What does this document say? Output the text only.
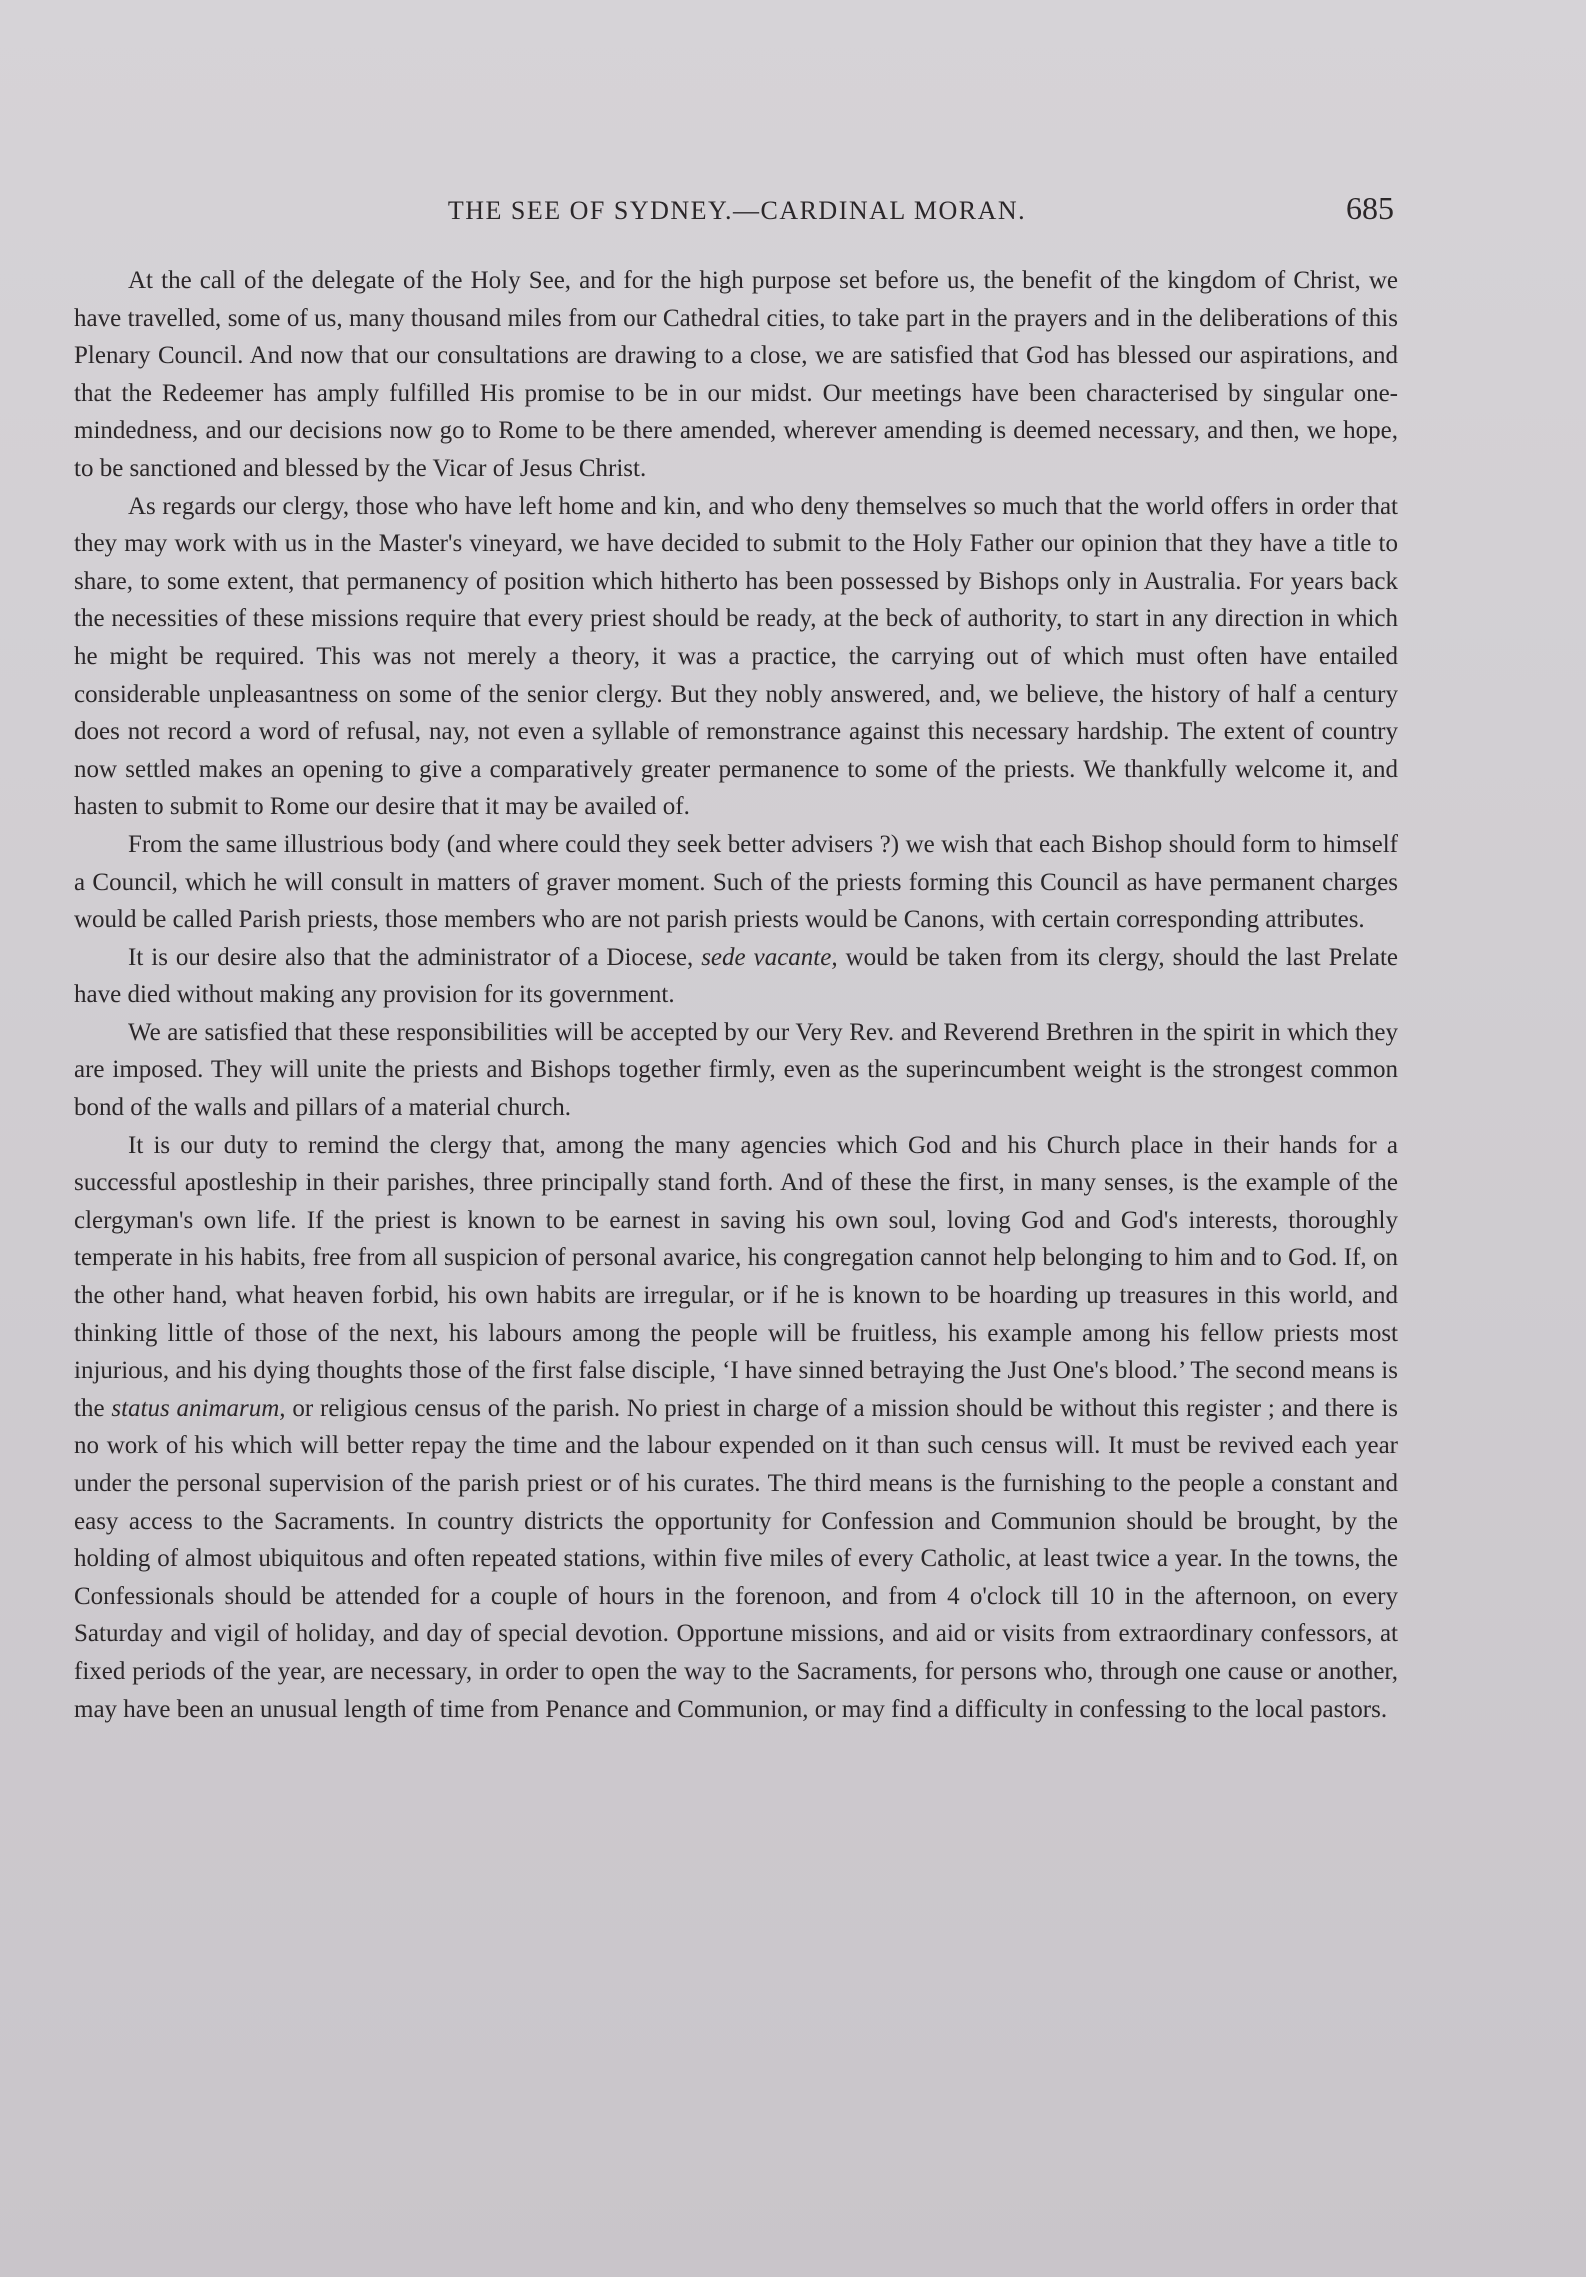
THE SEE OF SYDNEY.—CARDINAL MORAN.	685

At the call of the delegate of the Holy See, and for the high purpose set before us, the benefit of the kingdom of Christ, we have travelled, some of us, many thousand miles from our Cathedral cities, to take part in the prayers and in the deliberations of this Plenary Council. And now that our consultations are drawing to a close, we are satisfied that God has blessed our aspirations, and that the Redeemer has amply fulfilled His promise to be in our midst. Our meetings have been characterised by singular one-mindedness, and our decisions now go to Rome to be there amended, wherever amending is deemed necessary, and then, we hope, to be sanctioned and blessed by the Vicar of Jesus Christ.

As regards our clergy, those who have left home and kin, and who deny themselves so much that the world offers in order that they may work with us in the Master's vineyard, we have decided to submit to the Holy Father our opinion that they have a title to share, to some extent, that permanency of position which hitherto has been possessed by Bishops only in Australia. For years back the necessities of these missions require that every priest should be ready, at the beck of authority, to start in any direction in which he might be required. This was not merely a theory, it was a practice, the carrying out of which must often have entailed considerable unpleasantness on some of the senior clergy. But they nobly answered, and, we believe, the history of half a century does not record a word of refusal, nay, not even a syllable of remonstrance against this necessary hardship. The extent of country now settled makes an opening to give a comparatively greater permanence to some of the priests. We thankfully welcome it, and hasten to submit to Rome our desire that it may be availed of.

From the same illustrious body (and where could they seek better advisers ?) we wish that each Bishop should form to himself a Council, which he will consult in matters of graver moment. Such of the priests forming this Council as have permanent charges would be called Parish priests, those members who are not parish priests would be Canons, with certain corresponding attributes.

It is our desire also that the administrator of a Diocese, sede vacante, would be taken from its clergy, should the last Prelate have died without making any provision for its government.

We are satisfied that these responsibilities will be accepted by our Very Rev. and Reverend Brethren in the spirit in which they are imposed. They will unite the priests and Bishops together firmly, even as the superincumbent weight is the strongest common bond of the walls and pillars of a material church.

It is our duty to remind the clergy that, among the many agencies which God and his Church place in their hands for a successful apostleship in their parishes, three principally stand forth. And of these the first, in many senses, is the example of the clergyman's own life. If the priest is known to be earnest in saving his own soul, loving God and God's interests, thoroughly temperate in his habits, free from all suspicion of personal avarice, his congregation cannot help belonging to him and to God. If, on the other hand, what heaven forbid, his own habits are irregular, or if he is known to be hoarding up treasures in this world, and thinking little of those of the next, his labours among the people will be fruitless, his example among his fellow priests most injurious, and his dying thoughts those of the first false disciple, ‘I have sinned betraying the Just One's blood.’ The second means is the status animarum, or religious census of the parish. No priest in charge of a mission should be without this register ; and there is no work of his which will better repay the time and the labour expended on it than such census will. It must be revived each year under the personal supervision of the parish priest or of his curates. The third means is the furnishing to the people a constant and easy access to the Sacraments. In country districts the opportunity for Confession and Communion should be brought, by the holding of almost ubiquitous and often repeated stations, within five miles of every Catholic, at least twice a year. In the towns, the Confessionals should be attended for a couple of hours in the forenoon, and from 4 o'clock till 10 in the afternoon, on every Saturday and vigil of holiday, and day of special devotion. Opportune missions, and aid or visits from extraordinary confessors, at fixed periods of the year, are necessary, in order to open the way to the Sacraments, for persons who, through one cause or another, may have been an unusual length of time from Penance and Communion, or may find a difficulty in confessing to the local pastors.
